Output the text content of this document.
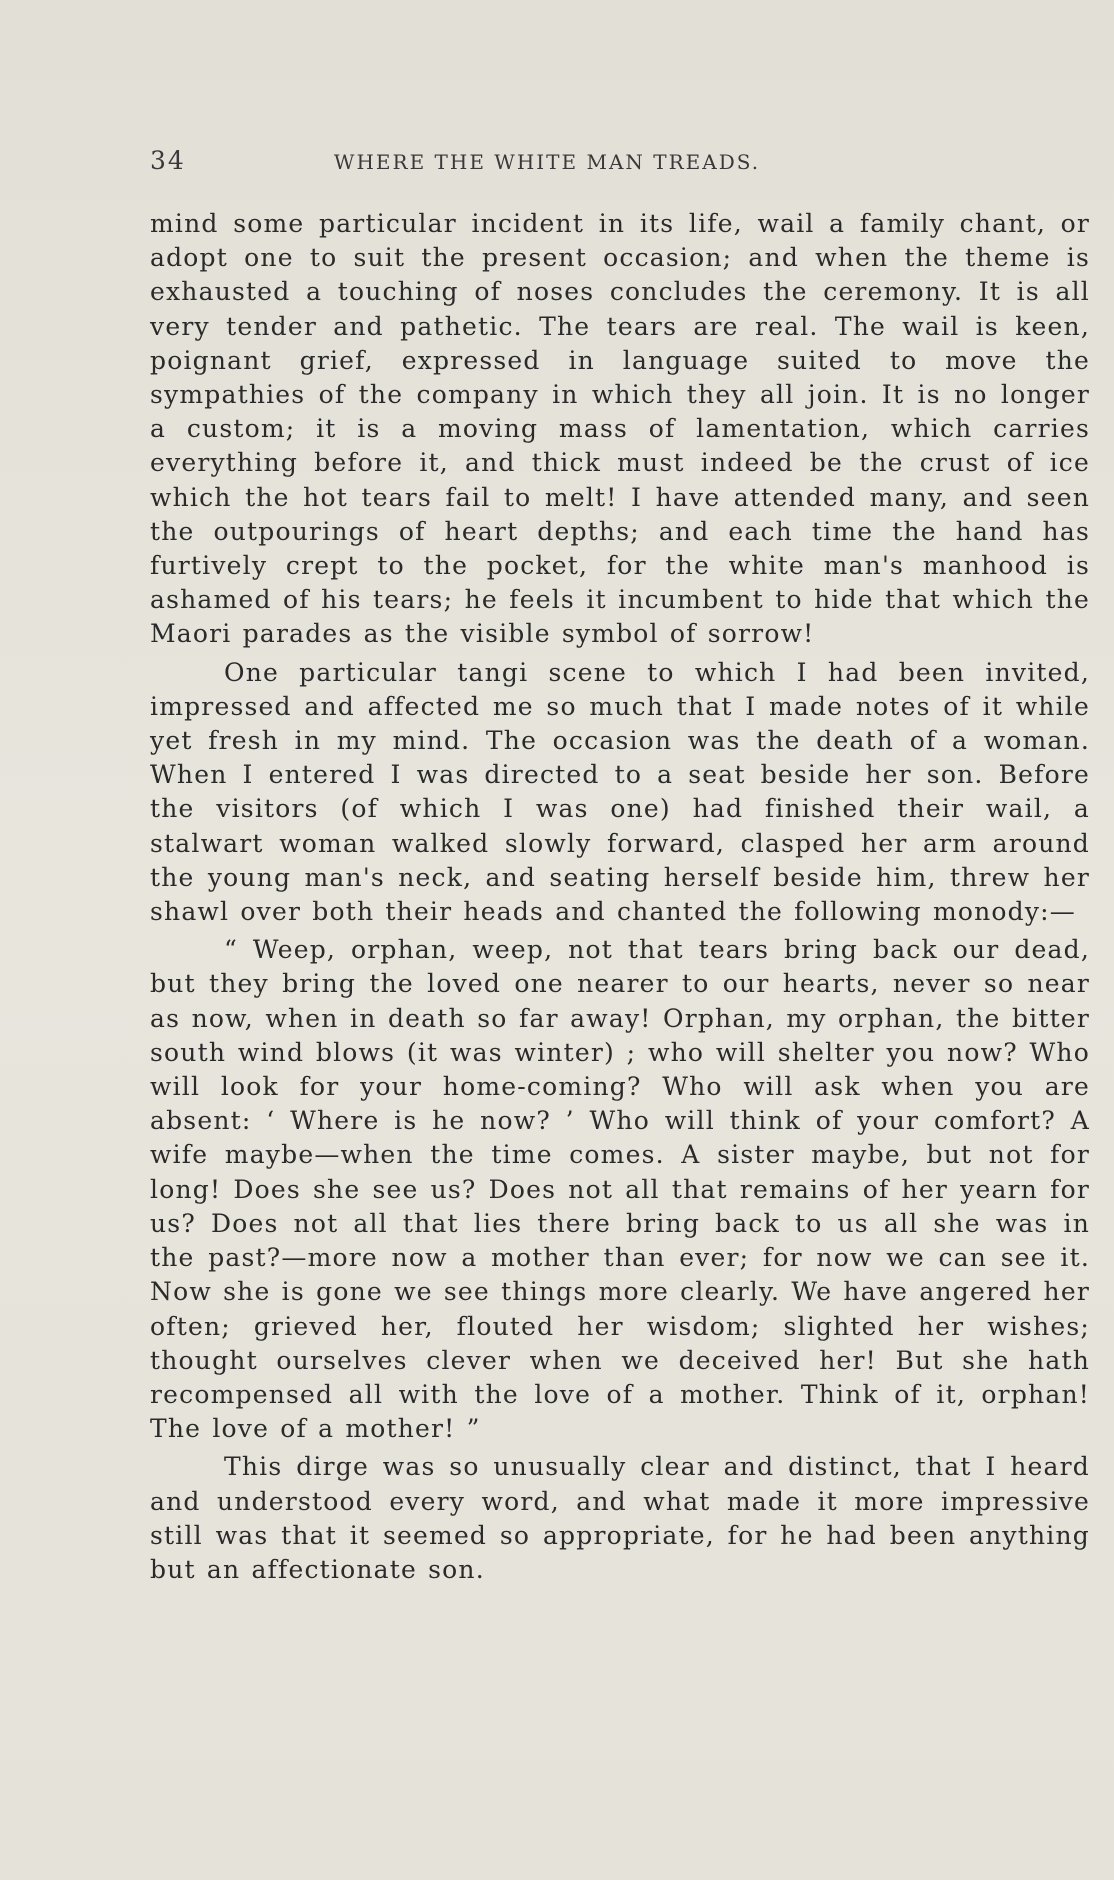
34	WHERE THE WHITE MAN TREADS.

mind some particular incident in its life, wail a family chant, or adopt one to suit the present occasion; and when the theme is exhausted a touching of noses concludes the ceremony. It is all very tender and pathetic. The tears are real. The wail is keen, poignant grief, expressed in language suited to move the sympathies of the company in which they all join. It is no longer a custom; it is a moving mass of lamentation, which carries everything before it, and thick must indeed be the crust of ice which the hot tears fail to melt! I have attended many, and seen the outpourings of heart depths; and each time the hand has furtively crept to the pocket, for the white man's manhood is ashamed of his tears; he feels it incumbent to hide that which the Maori parades as the visible symbol of sorrow!

One particular tangi scene to which I had been invited, impressed and affected me so much that I made notes of it while yet fresh in my mind. The occasion was the death of a woman. When I entered I was directed to a seat beside her son. Before the visitors (of which I was one) had finished their wail, a stalwart woman walked slowly forward, clasped her arm around the young man's neck, and seating herself beside him, threw her shawl over both their heads and chanted the following monody:—

“ Weep, orphan, weep, not that tears bring back our dead, but they bring the loved one nearer to our hearts, never so near as now, when in death so far away! Orphan, my orphan, the bitter south wind blows (it was winter) ; who will shelter you now? Who will look for your home-coming? Who will ask when you are absent: ‘ Where is he now? ’ Who will think of your comfort? A wife maybe—when the time comes. A sister maybe, but not for long! Does she see us? Does not all that remains of her yearn for us? Does not all that lies there bring back to us all she was in the past?—more now a mother than ever; for now we can see it. Now she is gone we see things more clearly. We have angered her often; grieved her, flouted her wisdom; slighted her wishes; thought ourselves clever when we deceived her! But she hath recompensed all with the love of a mother. Think of it, orphan! The love of a mother! ”

This dirge was so unusually clear and distinct, that I heard and understood every word, and what made it more impressive still was that it seemed so appropriate, for he had been anything but an affectionate son.
